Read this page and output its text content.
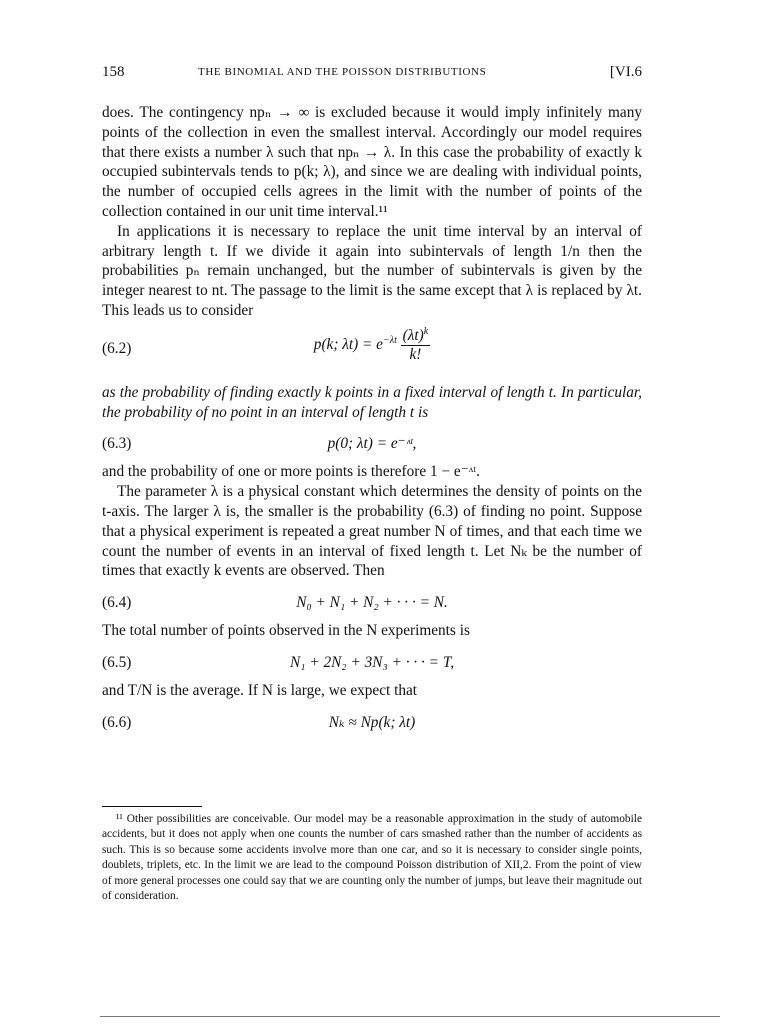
158	THE BINOMIAL AND THE POISSON DISTRIBUTIONS	[VI.6

does. The contingency npₙ → ∞ is excluded because it would imply infinitely many points of the collection in even the smallest interval. Accordingly our model requires that there exists a number λ such that npₙ → λ. In this case the probability of exactly k occupied subintervals tends to p(k; λ), and since we are dealing with individual points, the number of occupied cells agrees in the limit with the number of points of the collection contained in our unit time interval.¹¹

In applications it is necessary to replace the unit time interval by an interval of arbitrary length t. If we divide it again into subintervals of length 1/n then the probabilities pₙ remain unchanged, but the number of subintervals is given by the integer nearest to nt. The passage to the limit is the same except that λ is replaced by λt. This leads us to consider

(6.2)	p(k; $\lambda t) = e^{-\lambda t} \frac{(\lambda t)^k}{k!}$

as the probability of finding exactly k points in a fixed interval of length t. In particular, the probability of no point in an interval of length t is

(6.3)	p(0; λt) = e⁻ᶺᵗ,

and the probability of one or more points is therefore 1 − e⁻ᶺᵗ.

The parameter λ is a physical constant which determines the density of points on the t-axis. The larger λ is, the smaller is the probability (6.3) of finding no point. Suppose that a physical experiment is repeated a great number N of times, and that each time we count the number of events in an interval of fixed length t. Let Nₖ be the number of times that exactly k events are observed. Then

(6.4)	N₀ + N₁ + N₂ + · · · = N.

The total number of points observed in the N experiments is

(6.5)	N₁ + 2N₂ + 3N₃ + · · · = T,

and T/N is the average. If N is large, we expect that

(6.6)	Nₖ ≈ Np(k; λt)
¹¹ Other possibilities are conceivable. Our model may be a reasonable approximation in the study of automobile accidents, but it does not apply when one counts the number of cars smashed rather than the number of accidents as such. This is so because some accidents involve more than one car, and so it is necessary to consider single points, doublets, triplets, etc. In the limit we are lead to the compound Poisson distribution of XII,2. From the point of view of more general processes one could say that we are counting only the number of jumps, but leave their magnitude out of consideration.
